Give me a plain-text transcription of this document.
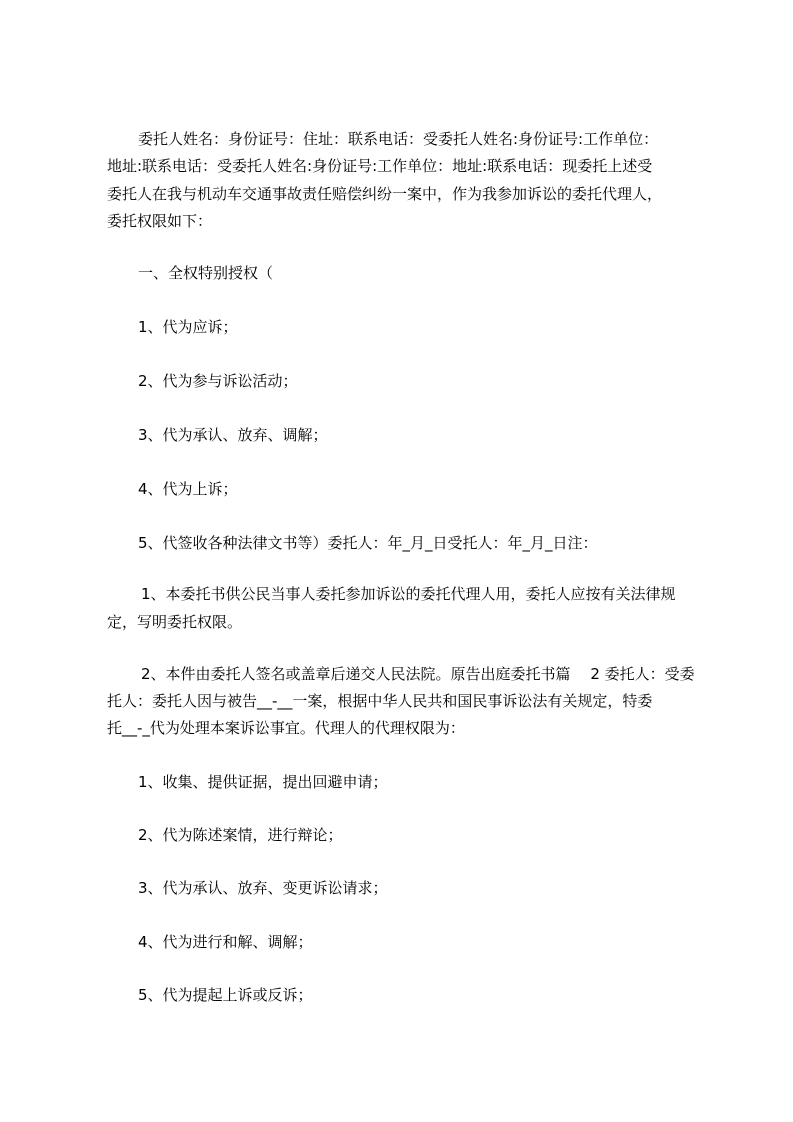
委托人姓名：身份证号：住址：联系电话：受委托人姓名:身份证号:工作单位：
地址:联系电话：受委托人姓名:身份证号:工作单位：地址:联系电话：现委托上述受
委托人在我与机动车交通事故责任赔偿纠纷一案中，作为我参加诉讼的委托代理人，
委托权限如下：
一、全权特别授权（
1、代为应诉；
2、代为参与诉讼活动；
3、代为承认、放弃、调解；
4、代为上诉；
5、代签收各种法律文书等）委托人：年_月_日受托人：年_月_日注：
1、本委托书供公民当事人委托参加诉讼的委托代理人用，委托人应按有关法律规
定，写明委托权限。
2、本件由委托人签名或盖章后递交人民法院。原告出庭委托书篇　 2 委托人：受委
托人：委托人因与被告__-__一案，根据中华人民共和国民事诉讼法有关规定，特委
托__-_代为处理本案诉讼事宜。代理人的代理权限为：
1、收集、提供证据，提出回避申请；
2、代为陈述案情，进行辩论；
3、代为承认、放弃、变更诉讼请求；
4、代为进行和解、调解；
5、代为提起上诉或反诉；
